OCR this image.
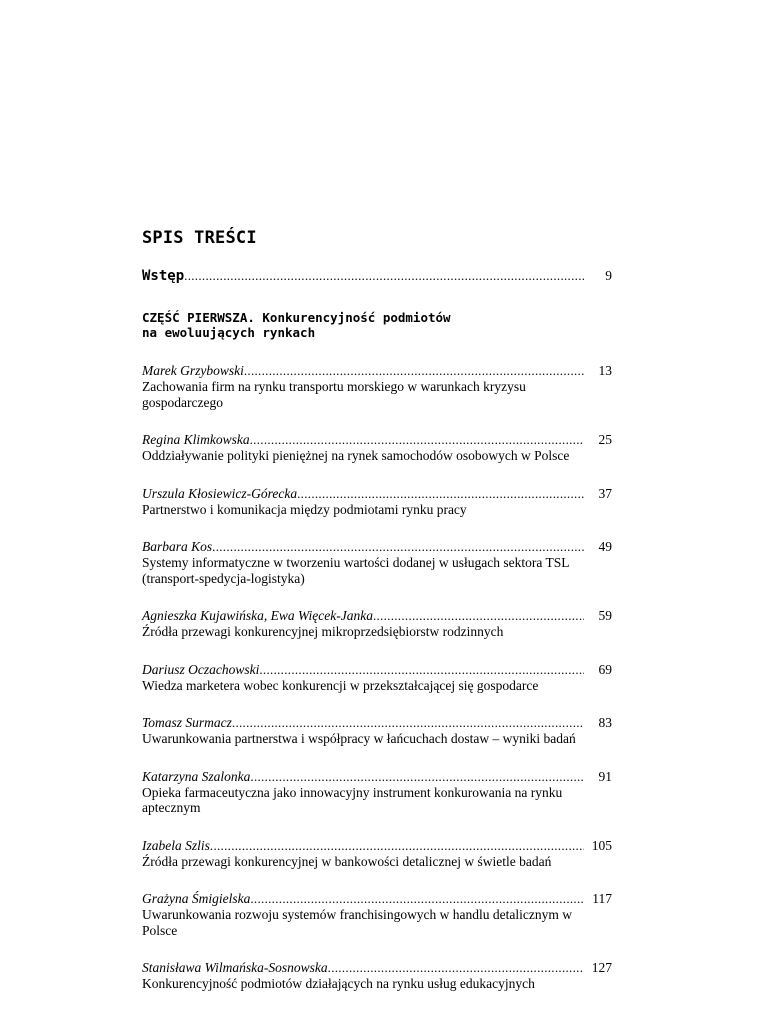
SPIS TREŚCI
Wstęp .....	9
CZĘŚĆ PIERWSZA. Konkurencyjność podmiotów
na ewoluujących rynkach
Marek Grzybowski .....	13
Zachowania firm na rynku transportu morskiego w warunkach kryzysu gospodarczego
Regina Klimkowska .....	25
Oddziaływanie polityki pieniężnej na rynek samochodów osobowych w Polsce
Urszula Kłosiewicz-Górecka .....	37
Partnerstwo i komunikacja między podmiotami rynku pracy
Barbara Kos .....	49
Systemy informatyczne w tworzeniu wartości dodanej w usługach sektora TSL (transport-spedycja-logistyka)
Agnieszka Kujawińska, Ewa Więcek-Janka .....	59
Źródła przewagi konkurencyjnej mikroprzedsiębiorstw rodzinnych
Dariusz Oczachowski .....	69
Wiedza marketera wobec konkurencji w przekształcającej się gospodarce
Tomasz Surmacz .....	83
Uwarunkowania partnerstwa i współpracy w łańcuchach dostaw – wyniki badań
Katarzyna Szalonka .....	91
Opieka farmaceutyczna jako innowacyjny instrument konkurowania na rynku aptecznym
Izabela Szlis .....	105
Źródła przewagi konkurencyjnej w bankowości detalicznej w świetle badań
Grażyna Śmigielska .....	117
Uwarunkowania rozwoju systemów franchisingowych w handlu detalicznym w Polsce
Stanisława Wilmańska-Sosnowska .....	127
Konkurencyjność podmiotów działających na rynku usług edukacyjnych
